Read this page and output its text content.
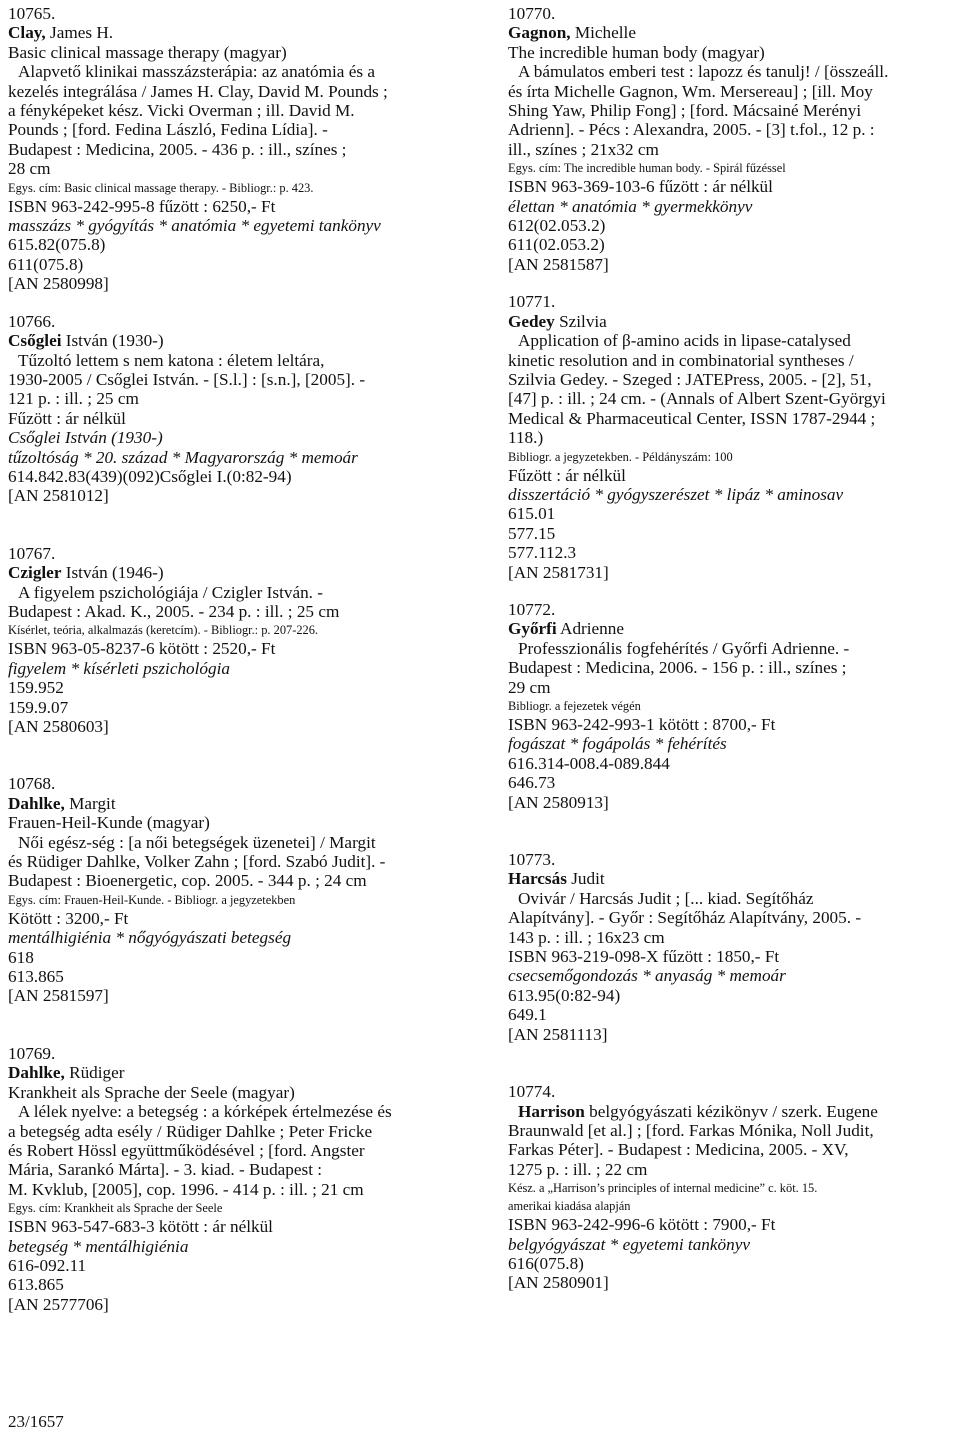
10765.
Clay, James H.
Basic clinical massage therapy (magyar)
Alapvető klinikai masszázsterápia: az anatómia és a
kezelés integrálása / James H. Clay, David M. Pounds ;
a fényképeket kész. Vicki Overman ; ill. David M.
Pounds ; [ford. Fedina László, Fedina Lídia]. -
Budapest : Medicina, 2005. - 436 p. : ill., színes ;
28 cm
Egys. cím: Basic clinical massage therapy. - Bibliogr.: p. 423.
ISBN 963-242-995-8 fűzött : 6250,- Ft
masszázs * gyógyítás * anatómia * egyetemi tankönyv
615.82(075.8)
611(075.8)
[AN 2580998]
10766.
Csőglei István (1930-)
Tűzoltó lettem s nem katona : életem leltára,
1930-2005 / Csőglei István. - [S.l.] : [s.n.], [2005]. -
121 p. : ill. ; 25 cm
Fűzött : ár nélkül
Csőglei István (1930-)
tűzoltóság * 20. század * Magyarország * memoár
614.842.83(439)(092)Csőglei I.(0:82-94)
[AN 2581012]
10767.
Czigler István (1946-)
A figyelem pszichológiája / Czigler István. -
Budapest : Akad. K., 2005. - 234 p. : ill. ; 25 cm
Kísérlet, teória, alkalmazás (keretcím). - Bibliogr.: p. 207-226.
ISBN 963-05-8237-6 kötött : 2520,- Ft
figyelem * kísérleti pszichológia
159.952
159.9.07
[AN 2580603]
10768.
Dahlke, Margit
Frauen-Heil-Kunde (magyar)
Női egész-ség : [a női betegségek üzenetei] / Margit
és Rüdiger Dahlke, Volker Zahn ; [ford. Szabó Judit]. -
Budapest : Bioenergetic, cop. 2005. - 344 p. ; 24 cm
Egys. cím: Frauen-Heil-Kunde. - Bibliogr. a jegyzetekben
Kötött : 3200,- Ft
mentálhigiénia * nőgyógyászati betegség
618
613.865
[AN 2581597]
10769.
Dahlke, Rüdiger
Krankheit als Sprache der Seele (magyar)
A lélek nyelve: a betegség : a kórképek értelmezése és
a betegség adta esély / Rüdiger Dahlke ; Peter Fricke
és Robert Hössl együttműködésével ; [ford. Angster
Mária, Sarankó Márta]. - 3. kiad. - Budapest :
M. Kvklub, [2005], cop. 1996. - 414 p. : ill. ; 21 cm
Egys. cím: Krankheit als Sprache der Seele
ISBN 963-547-683-3 kötött : ár nélkül
betegség * mentálhigiénia
616-092.11
613.865
[AN 2577706]
10770.
Gagnon, Michelle
The incredible human body (magyar)
A bámulatos emberi test : lapozz és tanulj! / [összeáll.
és írta Michelle Gagnon, Wm. Mersereau] ; [ill. Moy
Shing Yaw, Philip Fong] ; [ford. Mácsainé Merényi
Adrienn]. - Pécs : Alexandra, 2005. - [3] t.fol., 12 p. :
ill., színes ; 21x32 cm
Egys. cím: The incredible human body. - Spirál fűzéssel
ISBN 963-369-103-6 fűzött : ár nélkül
élettan * anatómia * gyermekkönyv
612(02.053.2)
611(02.053.2)
[AN 2581587]
10771.
Gedey Szilvia
Application of β-amino acids in lipase-catalysed
kinetic resolution and in combinatorial syntheses /
Szilvia Gedey. - Szeged : JATEPress, 2005. - [2], 51,
[47] p. : ill. ; 24 cm. - (Annals of Albert Szent-Györgyi
Medical & Pharmaceutical Center, ISSN 1787-2944 ;
118.)
Bibliogr. a jegyzetekben. - Példányszám: 100
Fűzött : ár nélkül
disszertáció * gyógyszerészet * lipáz * aminosav
615.01
577.15
577.112.3
[AN 2581731]
10772.
Győrfi Adrienne
Professzionális fogfehérítés / Győrfi Adrienne. -
Budapest : Medicina, 2006. - 156 p. : ill., színes ;
29 cm
Bibliogr. a fejezetek végén
ISBN 963-242-993-1 kötött : 8700,- Ft
fogászat * fogápolás * fehérítés
616.314-008.4-089.844
646.73
[AN 2580913]
10773.
Harcsás Judit
Ovivár / Harcsás Judit ; [... kiad. Segítőház
Alapítvány]. - Győr : Segítőház Alapítvány, 2005. -
143 p. : ill. ; 16x23 cm
ISBN 963-219-098-X fűzött : 1850,- Ft
csecsemőgondozás * anyaság * memoár
613.95(0:82-94)
649.1
[AN 2581113]
10774.
Harrison belgyógyászati kézikönyv / szerk. Eugene
Braunwald [et al.] ; [ford. Farkas Mónika, Noll Judit,
Farkas Péter]. - Budapest : Medicina, 2005. - XV,
1275 p. : ill. ; 22 cm
Kész. a „Harrison’s principles of internal medicine” c. köt. 15.
amerikai kiadása alapján
ISBN 963-242-996-6 kötött : 7900,- Ft
belgyógyászat * egyetemi tankönyv
616(075.8)
[AN 2580901]
23/1657
